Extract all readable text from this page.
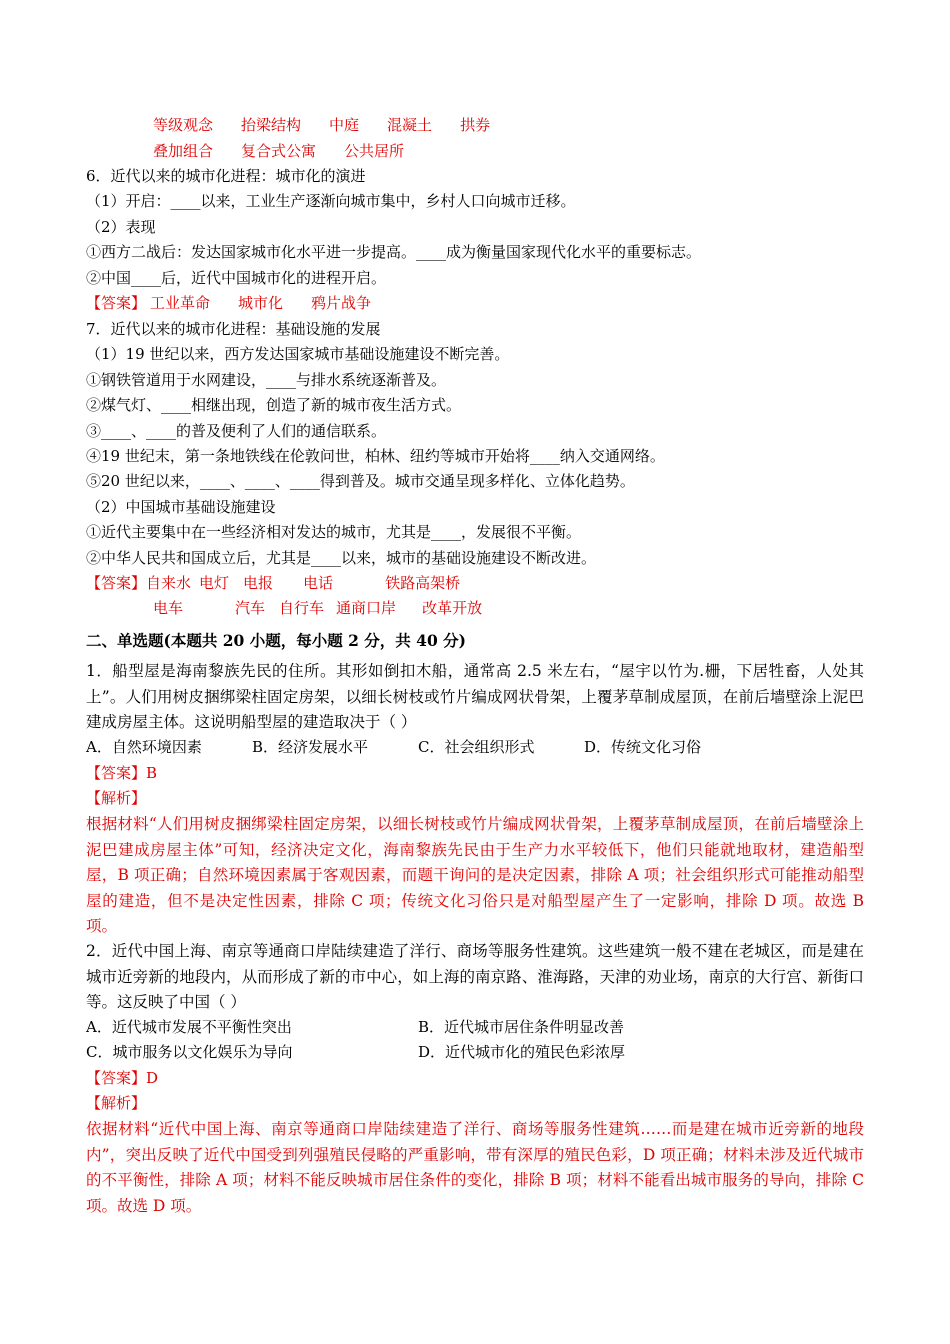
等级观念 抬梁结构 中庭 混凝土 拱券
叠加组合 复合式公寓 公共居所
6．近代以来的城市化进程：城市化的演进
（1）开启：____以来，工业生产逐渐向城市集中，乡村人口向城市迁移。
（2）表现
①西方二战后：发达国家城市化水平进一步提高。____成为衡量国家现代化水平的重要标志。
②中国____后，近代中国城市化的进程开启。
【答案】 工业革命 城市化 鸦片战争
7．近代以来的城市化进程：基础设施的发展
（1）19 世纪以来，西方发达国家城市基础设施建设不断完善。
①钢铁管道用于水网建设，____与排水系统逐渐普及。
②煤气灯、____相继出现，创造了新的城市夜生活方式。
③____、____的普及便利了人们的通信联系。
④19 世纪末，第一条地铁线在伦敦问世，柏林、纽约等城市开始将____纳入交通网络。
⑤20 世纪以来，____、____、____得到普及。城市交通呈现多样化、立体化趋势。
（2）中国城市基础设施建设
①近代主要集中在一些经济相对发达的城市，尤其是____，发展很不平衡。
②中华人民共和国成立后，尤其是____以来，城市的基础设施建设不断改进。
【答案】自来水 电灯 电报 电话	铁路高架桥
电车	汽车 自行车 通商口岸 改革开放
二、单选题(本题共 20 小题，每小题 2 分，共 40 分)
1．船型屋是海南黎族先民的住所。其形如倒扣木船，通常高 2.5 米左右，“屋宇以竹为.栅，下居牲畜，人处其上”。人们用树皮捆绑梁柱固定房架，以细长树枝或竹片编成网状骨架，上覆茅草制成屋顶，在前后墙壁涂上泥巴建成房屋主体。这说明船型屋的建造取决于（ ）
A．自然环境因素	B．经济发展水平	C．社会组织形式	D．传统文化习俗
【答案】B
【解析】
根据材料“人们用树皮捆绑梁柱固定房架，以细长树枝或竹片编成网状骨架，上覆茅草制成屋顶，在前后墙壁涂上泥巴建成房屋主体”可知，经济决定文化，海南黎族先民由于生产力水平较低下，他们只能就地取材，建造船型屋，B 项正确；自然环境因素属于客观因素，而题干询问的是决定因素，排除 A 项；社会组织形式可能推动船型屋的建造，但不是决定性因素，排除 C 项；传统文化习俗只是对船型屋产生了一定影响，排除 D 项。故选 B 项。
2．近代中国上海、南京等通商口岸陆续建造了洋行、商场等服务性建筑。这些建筑一般不建在老城区，而是建在城市近旁新的地段内，从而形成了新的市中心，如上海的南京路、淮海路，天津的劝业场，南京的大行宫、新街口等。这反映了中国（ ）
A．近代城市发展不平衡性突出	B．近代城市居住条件明显改善
C．城市服务以文化娱乐为导向	D．近代城市化的殖民色彩浓厚
【答案】D
【解析】
依据材料“近代中国上海、南京等通商口岸陆续建造了洋行、商场等服务性建筑……而是建在城市近旁新的地段内”，突出反映了近代中国受到列强殖民侵略的严重影响，带有深厚的殖民色彩，D 项正确；材料未涉及近代城市的不平衡性，排除 A 项；材料不能反映城市居住条件的变化，排除 B 项；材料不能看出城市服务的导向，排除 C 项。故选 D 项。
